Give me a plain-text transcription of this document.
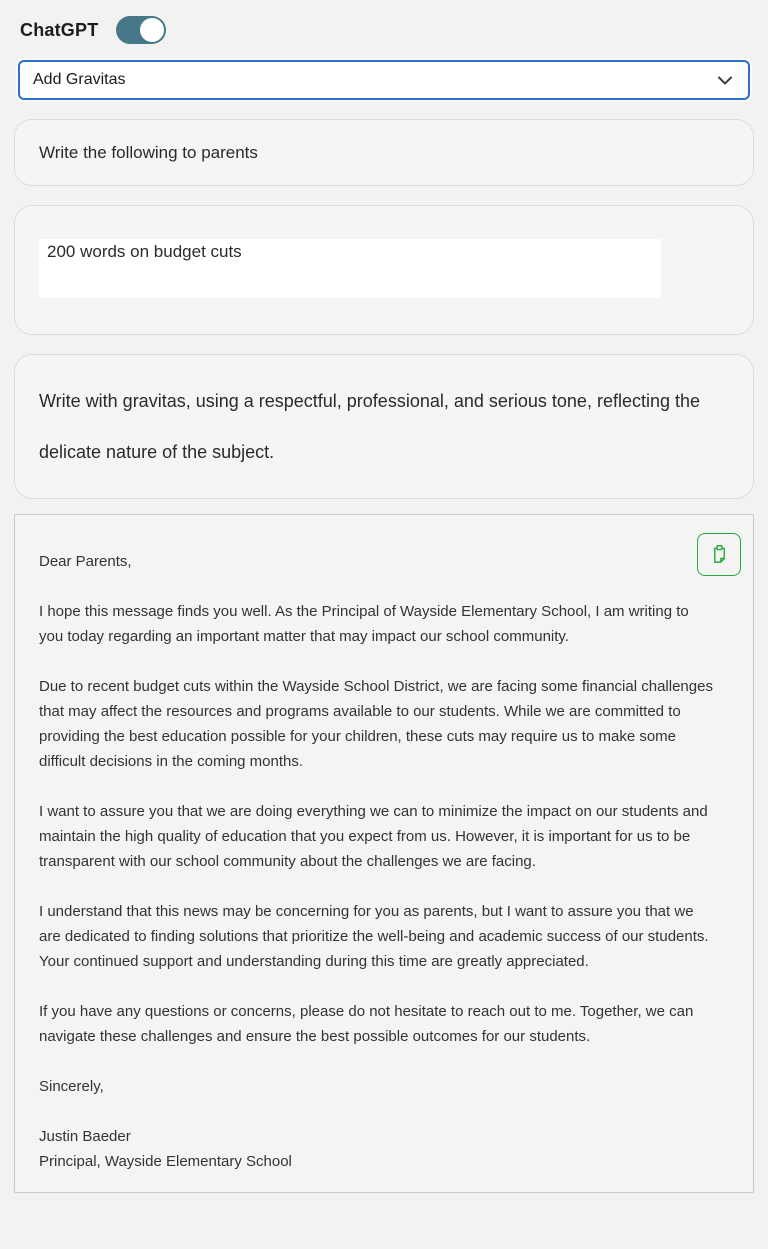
ChatGPT
Add Gravitas

Write the following to parents

200 words on budget cuts

Write with gravitas, using a respectful, professional, and serious tone, reflecting the delicate nature of the subject.

Dear Parents,

I hope this message finds you well. As the Principal of Wayside Elementary School, I am writing to you today regarding an important matter that may impact our school community.

Due to recent budget cuts within the Wayside School District, we are facing some financial challenges that may affect the resources and programs available to our students. While we are committed to providing the best education possible for your children, these cuts may require us to make some difficult decisions in the coming months.

I want to assure you that we are doing everything we can to minimize the impact on our students and maintain the high quality of education that you expect from us. However, it is important for us to be transparent with our school community about the challenges we are facing.

I understand that this news may be concerning for you as parents, but I want to assure you that we are dedicated to finding solutions that prioritize the well-being and academic success of our students. Your continued support and understanding during this time are greatly appreciated.

If you have any questions or concerns, please do not hesitate to reach out to me. Together, we can navigate these challenges and ensure the best possible outcomes for our students.

Sincerely,

Justin Baeder
Principal, Wayside Elementary School
